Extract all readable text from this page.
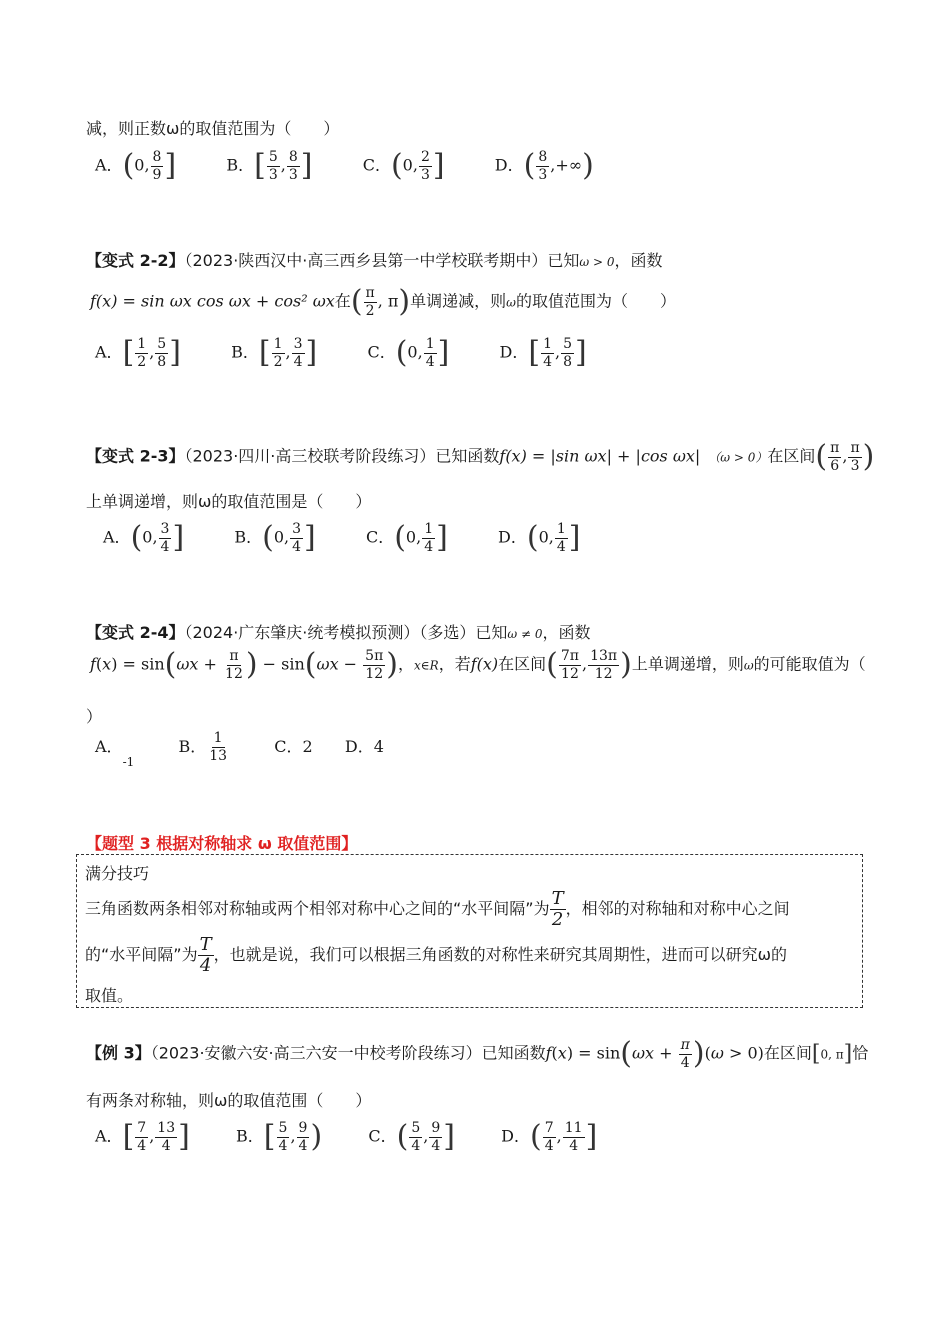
减，则正数ω的取值范围为（　　）
A．(0, $\frac{8}{9}$ ]	B．[ $\frac{5}{3}$ , $\frac{8}{3}$ ]	C．(0, $\frac{2}{3}$ ]	D．( $\frac{8}{3}$ ,+∞)
【变式 2-2】（2023·陕西汉中·高三西乡县第一中学校联考期中）已知ω > 0，函数
f(x) = sin ωx cos ωx + cos² ωx在( $\frac{\pi}{2}$ , π)单调递减，则ω的取值范围为（　　）
A．[ $\frac{1}{2}$ , $\frac{5}{8}$ ]	B．[ $\frac{1}{2}$ , $\frac{3}{4}$ ]	C．(0, $\frac{1}{4}$ ]	D．[ $\frac{1}{4}$ , $\frac{5}{8}$ ]
【变式 2-3】（2023·四川·高三校联考阶段练习）已知函数f(x) = |sin ωx| + |cos ωx| （ω > 0）在区间( $\frac{\pi}{6}$ , $\frac{\pi}{3}$ )
上单调递增，则ω的取值范围是（　　）
A．(0, $\frac{3}{4}$ ]	B．(0, $\frac{3}{4}$ ]	C．(0, $\frac{1}{4}$ ]	D．(0, $\frac{1}{4}$ ]
【变式 2-4】（2024·广东肇庆·统考模拟预测）（多选）已知ω ≠ 0，函数
$f(x) = \sin(\omega x + \frac{\pi}{12}$ ) − $\sin(\omega x - \frac{5\pi}{12}$ )，x∈R，若f(x)在区间( $\frac{7\pi}{12}$ , $\frac{13\pi}{12}$ )上单调递增，则ω的可能取值为（
）
A．$_{-1}$  B． $\frac{1}{13}$	C．2 D．4
【题型 3 根据对称轴求 ω 取值范围】
满分技巧
三角函数两条相邻对称轴或两个相邻对称中心之间的“水平间隔”为 $\frac{T}{2}$ ，相邻的对称轴和对称中心之间
的“水平间隔”为 $\frac{T}{4}$ ，也就是说，我们可以根据三角函数的对称性来研究其周期性，进而可以研究ω的
取值。
【例 3】（2023·安徽六安·高三六安一中校考阶段练习）已知函数$f(x) = \sin(\omega x + \frac{\pi}{4} )(\omega > 0)$在区间[0, π]恰
有两条对称轴，则ω的取值范围（　　）
A．[ $\frac{7}{4}$ , $\frac{13}{4}$ ]	B．[ $\frac{5}{4}$ , $\frac{9}{4}$ )	C．( $\frac{5}{4}$ , $\frac{9}{4}$ ]	D．( $\frac{7}{4}$ , $\frac{11}{4}$ ]
